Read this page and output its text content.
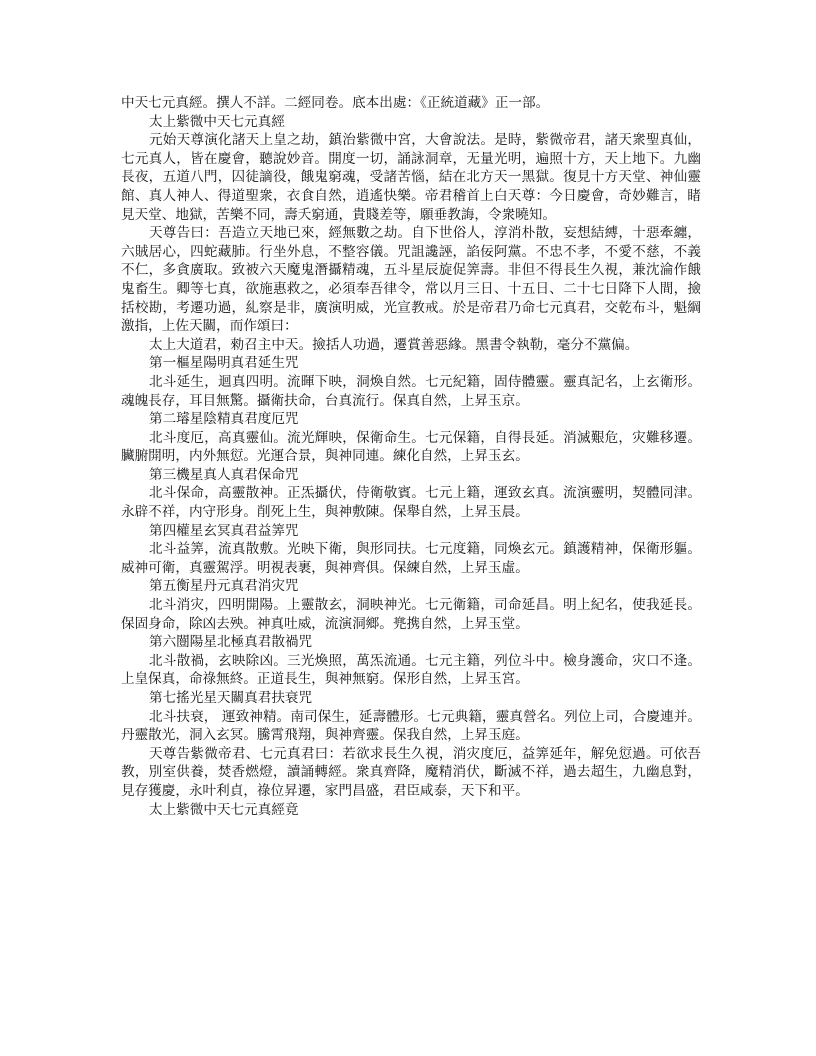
中天七元真經。撰人不詳。二經同卷。底本出處：《正統道藏》正一部。

太上紫微中天七元真經

元始天尊演化諸天上皇之劫，鎮治紫微中宮，大會說法。是時，紫微帝君，諸天衆聖真仙，七元真人，皆在慶會，聽說妙音。開度一切，誦詠洞章，无量光明，遍照十方，天上地下。九幽長夜，五道八門，囚徒謫役，餓鬼窮魂，受諸苦惱，結在北方天一黑獄。復見十方天堂、神仙靈館、真人神人、得道聖衆，衣食自然，逍遙快樂。帝君稽首上白天尊：今日慶會，奇妙難言，睹見天堂、地獄，苦樂不同，壽夭窮通，貴賤差等，願垂教誨，令衆曉知。

天尊告曰：吾造立天地已來，經無數之劫。自下世俗人，淳消朴散，妄想結縛，十惡牽纏，六賊居心，四蛇藏肺。行坐外息，不整容儀。咒詛讒誣，諂佞阿黨。不忠不孝，不愛不慈，不義不仁，多貪廣取。致被六天魔鬼潛攝精魂，五斗星辰旋促筭壽。非但不得長生久視，兼沈淪作餓鬼畜生。卿等七真，欲施惠救之，必須奉吾律令，常以月三日、十五日、二十七日降下人間，撿括校勘，考遷功過，糺察是非，廣演明威，光宣教戒。於是帝君乃命七元真君，交乾布斗，魁綱激指，上佐天關，而作頌曰：

太上大道君，勑召主中天。撿括人功過，遷賞善惡緣。黑書令執勒，毫分不黨偏。

第一樞星陽明真君延生咒

北斗延生，迴真四明。流暉下映，洞煥自然。七元紀籍，固侍體靈。靈真記名，上玄衛形。魂魄長存，耳目無驚。攝衛扶命，台真流行。保真自然，上昇玉京。

第二璿星陰精真君度厄咒

北斗度厄，高真靈仙。流光輝映，保衛命生。七元保籍，自得長延。消滅艱危，灾難移遷。臟腑開明，内外無愆。光運合景，與神同連。練化自然，上昇玉玄。

第三機星真人真君保命咒

北斗保命，高靈散神。正炁攝伏，侍衛敬賓。七元上籍，運致玄真。流演靈明，契體同津。永辟不祥，内守形身。削死上生，與神敷陳。保舉自然，上昇玉晨。

第四權星玄冥真君益筭咒

北斗益筭，流真散敷。光映下衛，與形同扶。七元度籍，同煥玄元。鎮護精神，保衛形軀。威神可衛，真靈駕浮。明視表裹，與神齊俱。保練自然，上昇玉虛。

第五衡星丹元真君消灾咒

北斗消灾，四明開陽。上靈散玄，洞映神光。七元衛籍，司命延昌。明上紀名，使我延長。保固身命，除凶去殃。神真吐威，流演洞鄉。兠携自然，上昇玉堂。

第六闓陽星北極真君散禍咒

北斗散禍，玄映除凶。三光煥照，萬炁流通。七元主籍，列位斗中。檢身護命，灾口不逢。上皇保真，命祿無終。正道長生，與神無窮。保形自然，上昇玉宮。

第七搖光星天關真君扶衰咒

北斗扶衰， 運致神精。南司保生，延壽體形。七元典籍，靈真營名。列位上司，合慶連并。丹靈散光，洞入玄冥。騰霄飛翔，與神齊靈。保我自然，上昇玉庭。

天尊告紫微帝君、七元真君曰：若欲求長生久視，消灾度厄，益筭延年，解免愆過。可依吾教，別室供養，焚香燃燈，讀誦轉經。衆真齊降，魔精消伏，斷滅不祥，過去超生，九幽息對，見存獲慶，永叶利貞，祿位昇遷，家門昌盛，君臣咸泰，天下和平。

太上紫微中天七元真經竟
